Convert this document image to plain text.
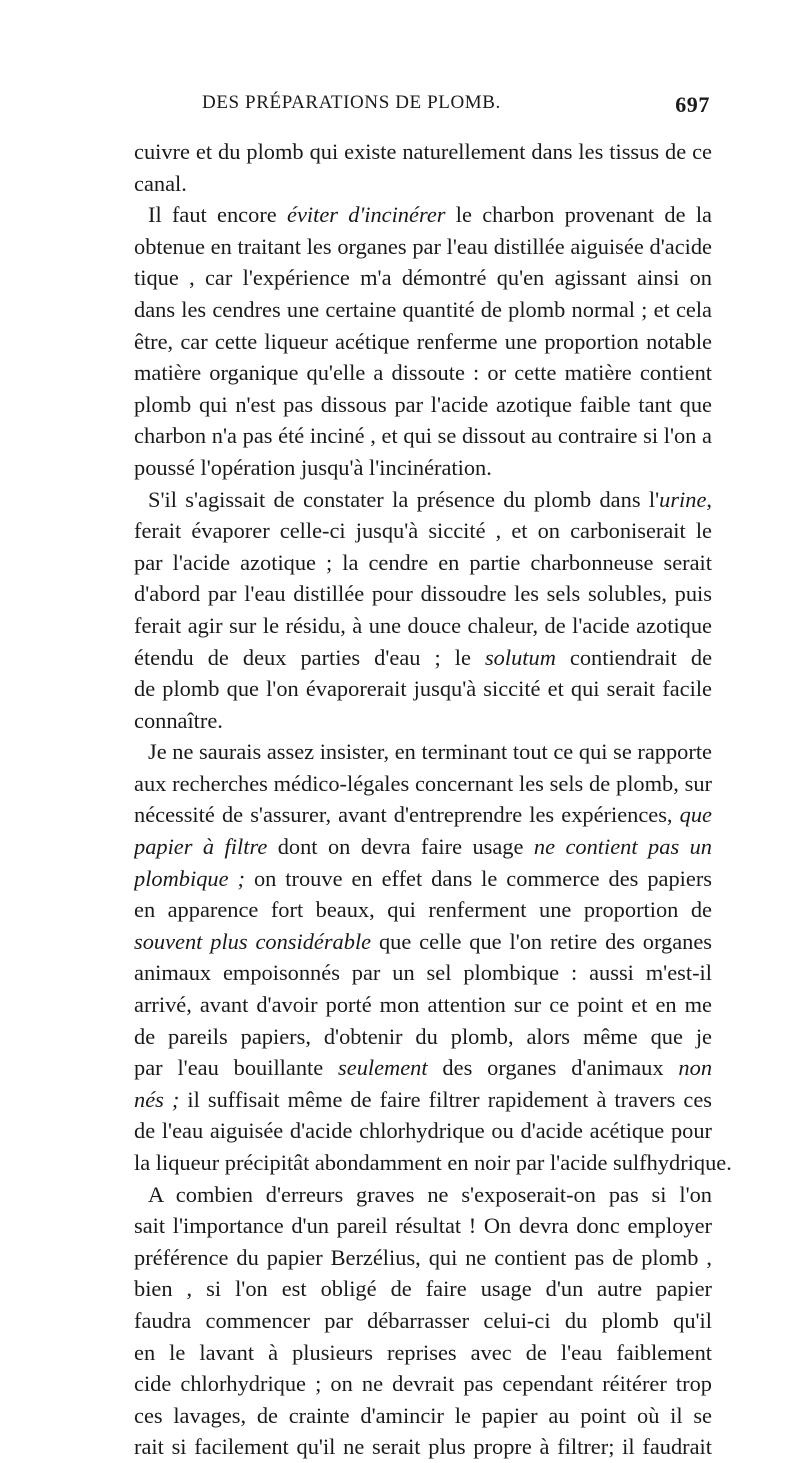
DES PRÉPARATIONS DE PLOMB.	697
cuivre et du plomb qui existe naturellement dans les tissus de ce
canal.
Il faut encore éviter d'incinérer le charbon provenant de la
obtenue en traitant les organes par l'eau distillée aiguisée d'acide
tique , car l'expérience m'a démontré qu'en agissant ainsi on
dans les cendres une certaine quantité de plomb normal ; et cela
être, car cette liqueur acétique renferme une proportion notable
matière organique qu'elle a dissoute : or cette matière contient
plomb qui n'est pas dissous par l'acide azotique faible tant que
charbon n'a pas été inciné , et qui se dissout au contraire si l'on a
poussé l'opération jusqu'à l'incinération.
S'il s'agissait de constater la présence du plomb dans l'urine,
ferait évaporer celle-ci jusqu'à siccité , et on carboniserait le
par l'acide azotique ; la cendre en partie charbonneuse serait
d'abord par l'eau distillée pour dissoudre les sels solubles, puis
ferait agir sur le résidu, à une douce chaleur, de l'acide azotique
étendu de deux parties d'eau ; le solutum contiendrait de
de plomb que l'on évaporerait jusqu'à siccité et qui serait facile
connaître.
Je ne saurais assez insister, en terminant tout ce qui se rapporte
aux recherches médico-légales concernant les sels de plomb, sur
nécessité de s'assurer, avant d'entreprendre les expériences, que
papier à filtre dont on devra faire usage ne contient pas un
plombique ; on trouve en effet dans le commerce des papiers
en apparence fort beaux, qui renferment une proportion de
souvent plus considérable que celle que l'on retire des organes
animaux empoisonnés par un sel plombique : aussi m'est-il
arrivé, avant d'avoir porté mon attention sur ce point et en me
de pareils papiers, d'obtenir du plomb, alors même que je
par l'eau bouillante seulement des organes d'animaux non
nés ; il suffisait même de faire filtrer rapidement à travers ces
de l'eau aiguisée d'acide chlorhydrique ou d'acide acétique pour
la liqueur précipitât abondamment en noir par l'acide sulfhydrique.
A combien d'erreurs graves ne s'exposerait-on pas si l'on
sait l'importance d'un pareil résultat ! On devra donc employer
préférence du papier Berzélius, qui ne contient pas de plomb ,
bien , si l'on est obligé de faire usage d'un autre papier
faudra commencer par débarrasser celui-ci du plomb qu'il
en le lavant à plusieurs reprises avec de l'eau faiblement
cide chlorhydrique ; on ne devrait pas cependant réitérer trop
ces lavages, de crainte d'amincir le papier au point où il se
rait si facilement qu'il ne serait plus propre à filtrer; il faudrait
